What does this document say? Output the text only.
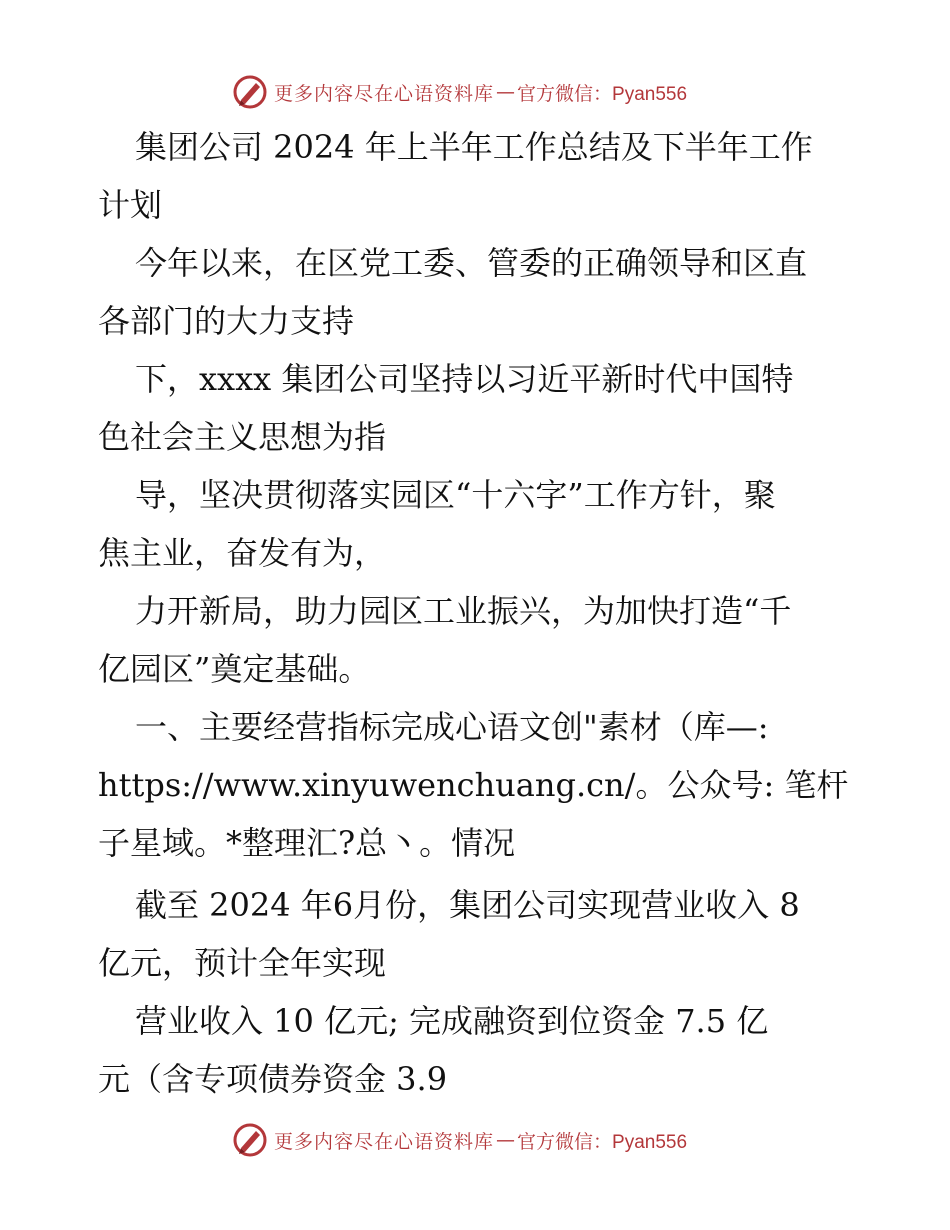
更多内容尽在心语资料库 — 官方微信：Pyan556
集团公司 2024 年上半年工作总结及下半年工作
计划
今年以来，在区党工委、管委的正确领导和区直
各部门的大力支持
下，xxxx 集团公司坚持以习近平新时代中国特
色社会主义思想为指
导，坚决贯彻落实园区“十六字”工作方针，聚
焦主业，奋发有为，
力开新局，助力园区工业振兴，为加快打造“千
亿园区”奠定基础。
一、主要经营指标完成心语文创"素材（库—:
https://www.xinyuwenchuang.cn/。公众号: 笔杆
子星域。*整理汇?总丶。情况
截至 2024 年6月份，集团公司实现营业收入 8
亿元，预计全年实现
营业收入 10 亿元; 完成融资到位资金 7.5 亿
元（含专项债券资金 3.9
更多内容尽在心语资料库 — 官方微信：Pyan556
